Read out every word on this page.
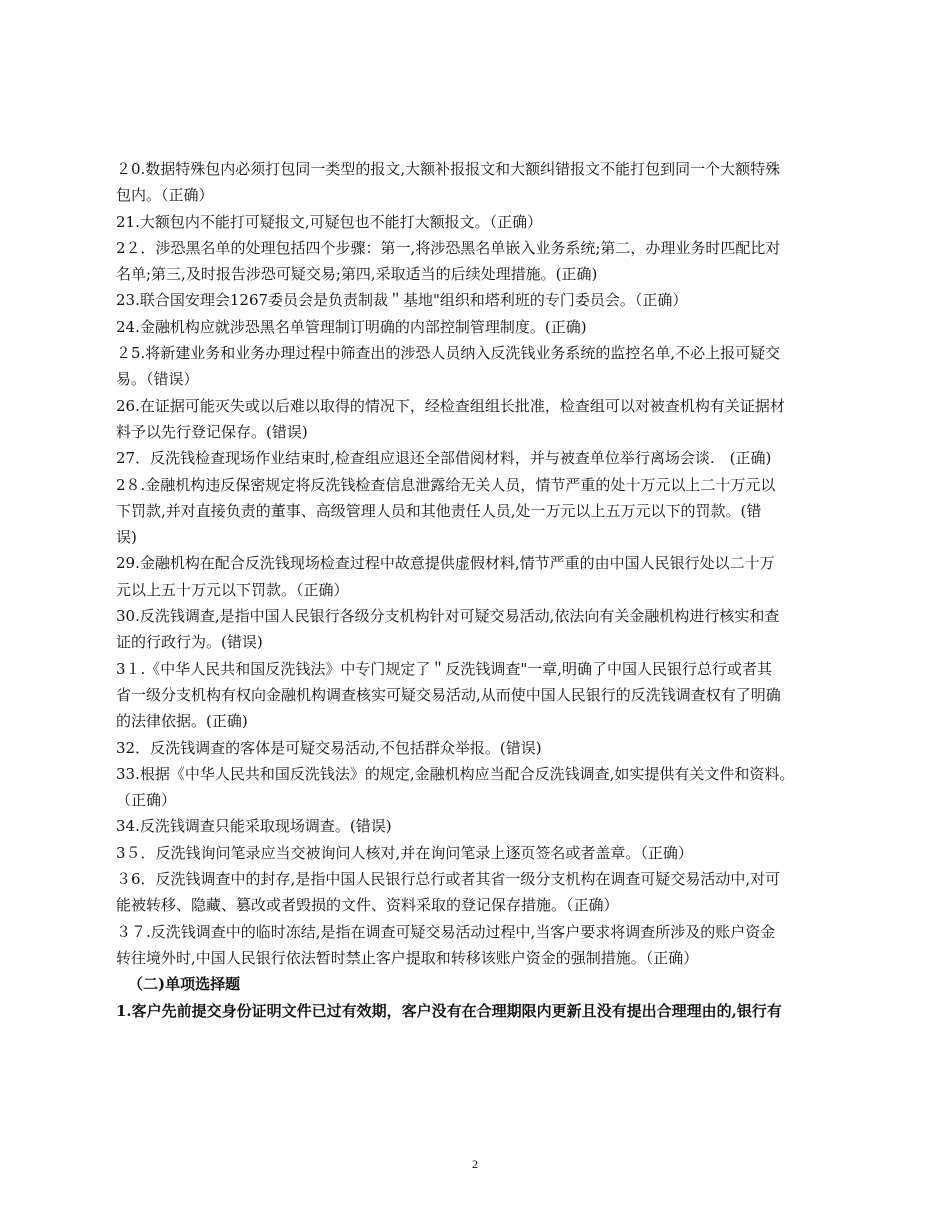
２0.数据特殊包内必须打包同一类型的报文,大额补报报文和大额纠错报文不能打包到同一个大额特殊
包内。（正确）
21.大额包内不能打可疑报文,可疑包也不能打大额报文。（正确）
2２．涉恐黑名单的处理包括四个步骤：第一,将涉恐黑名单嵌入业务系统;第二，办理业务时匹配比对
名单;第三,及时报告涉恐可疑交易;第四,采取适当的后续处理措施。(正确)
23.联合国安理会1267委员会是负责制裁＂基地"组织和塔利班的专门委员会。（正确）
24.金融机构应就涉恐黑名单管理制订明确的内部控制管理制度。(正确)
２5.将新建业务和业务办理过程中筛查出的涉恐人员纳入反洗钱业务系统的监控名单,不必上报可疑交
易。（错误）
26.在证据可能灭失或以后难以取得的情况下，经检查组组长批准，检查组可以对被查机构有关证据材
料予以先行登记保存。(错误)
27．反洗钱检查现场作业结束时,检查组应退还全部借阅材料，并与被查单位举行离场会谈.　(正确)
2８.金融机构违反保密规定将反洗钱检查信息泄露给无关人员，情节严重的处十万元以上二十万元以
下罚款,并对直接负责的董事、高级管理人员和其他责任人员,处一万元以上五万元以下的罚款。(错
误)
29.金融机构在配合反洗钱现场检查过程中故意提供虚假材料,情节严重的由中国人民银行处以二十万
元以上五十万元以下罚款。（正确）
30.反洗钱调查,是指中国人民银行各级分支机构针对可疑交易活动,依法向有关金融机构进行核实和查
证的行政行为。(错误)
3１.《中华人民共和国反洗钱法》中专门规定了＂反洗钱调查"一章,明确了中国人民银行总行或者其
省一级分支机构有权向金融机构调查核实可疑交易活动,从而使中国人民银行的反洗钱调查权有了明确
的法律依据。(正确)
32．反洗钱调查的客体是可疑交易活动,不包括群众举报。(错误)
33.根据《中华人民共和国反洗钱法》的规定,金融机构应当配合反洗钱调查,如实提供有关文件和资料。
（正确）
34.反洗钱调查只能采取现场调查。(错误)
3５．反洗钱询问笔录应当交被询问人核对,并在询问笔录上逐页签名或者盖章。（正确）
３6．反洗钱调查中的封存,是指中国人民银行总行或者其省一级分支机构在调查可疑交易活动中,对可
能被转移、隐藏、篡改或者毁损的文件、资料采取的登记保存措施。（正确）
３７.反洗钱调查中的临时冻结,是指在调查可疑交易活动过程中,当客户要求将调查所涉及的账户资金
转往境外时,中国人民银行依法暂时禁止客户提取和转移该账户资金的强制措施。（正确）
（二)单项选择题
1.客户先前提交身份证明文件已过有效期，客户没有在合理期限内更新且没有提出合理理由的,银行有
2
